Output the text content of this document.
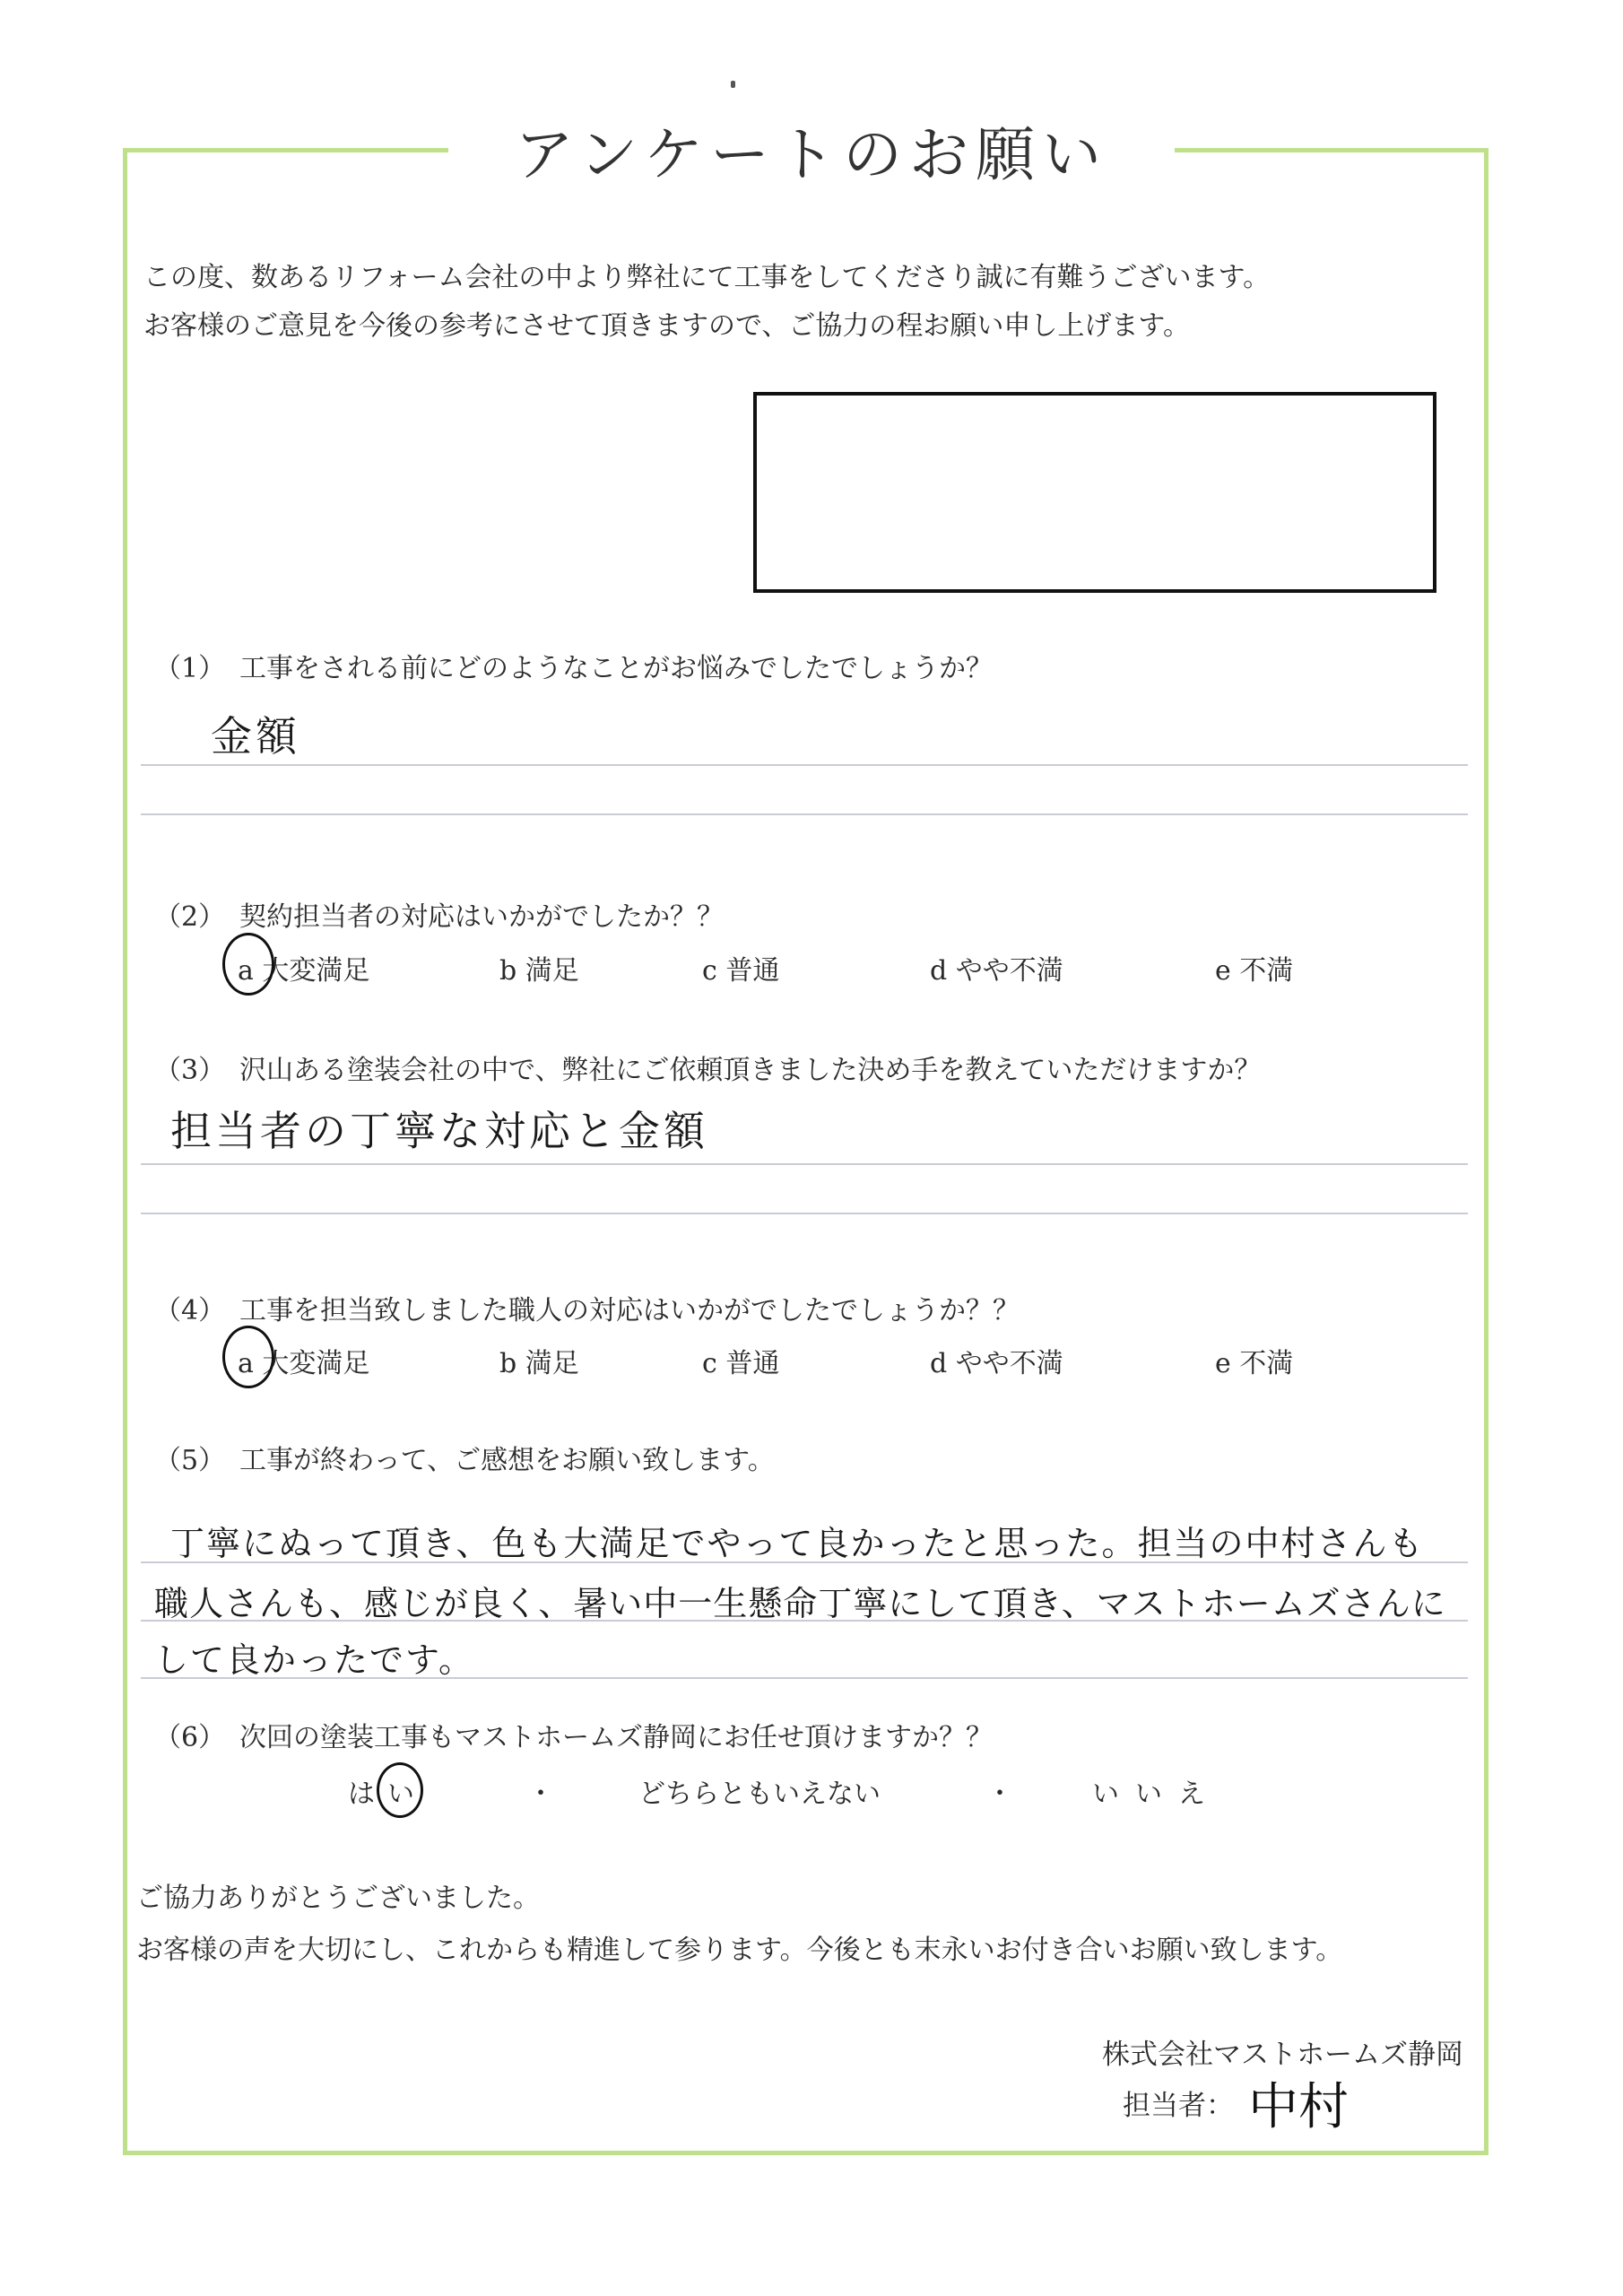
アンケートのお願い
この度、数あるリフォーム会社の中より弊社にて工事をしてくださり誠に有難うございます。
お客様のご意見を今後の参考にさせて頂きますので、ご協力の程お願い申し上げます。
（1） 工事をされる前にどのようなことがお悩みでしたでしょうか？
金額
（2） 契約担当者の対応はいかがでしたか？？
a 大変満足	b 満足	c 普通	d やや不満	e 不満
（3） 沢山ある塗装会社の中で、弊社にご依頼頂きました決め手を教えていただけますか？
担当者の丁寧な対応と金額
（4） 工事を担当致しました職人の対応はいかがでしたでしょうか？？
a 大変満足	b 満足	c 普通	d やや不満	e 不満
（5） 工事が終わって、ご感想をお願い致します。
丁寧にぬって頂き、色も大満足でやって良かったと思った。担当の中村さんも
職人さんも、感じが良く、暑い中一生懸命丁寧にして頂き、マストホームズさんに
して良かったです。
（6） 次回の塗装工事もマストホームズ静岡にお任せ頂けますか？？
はい	・	どちらともいえない	・	いいえ
ご協力ありがとうございました。
お客様の声を大切にし、これからも精進して参ります。今後とも末永いお付き合いお願い致します。
株式会社マストホームズ静岡
担当者： 中村
